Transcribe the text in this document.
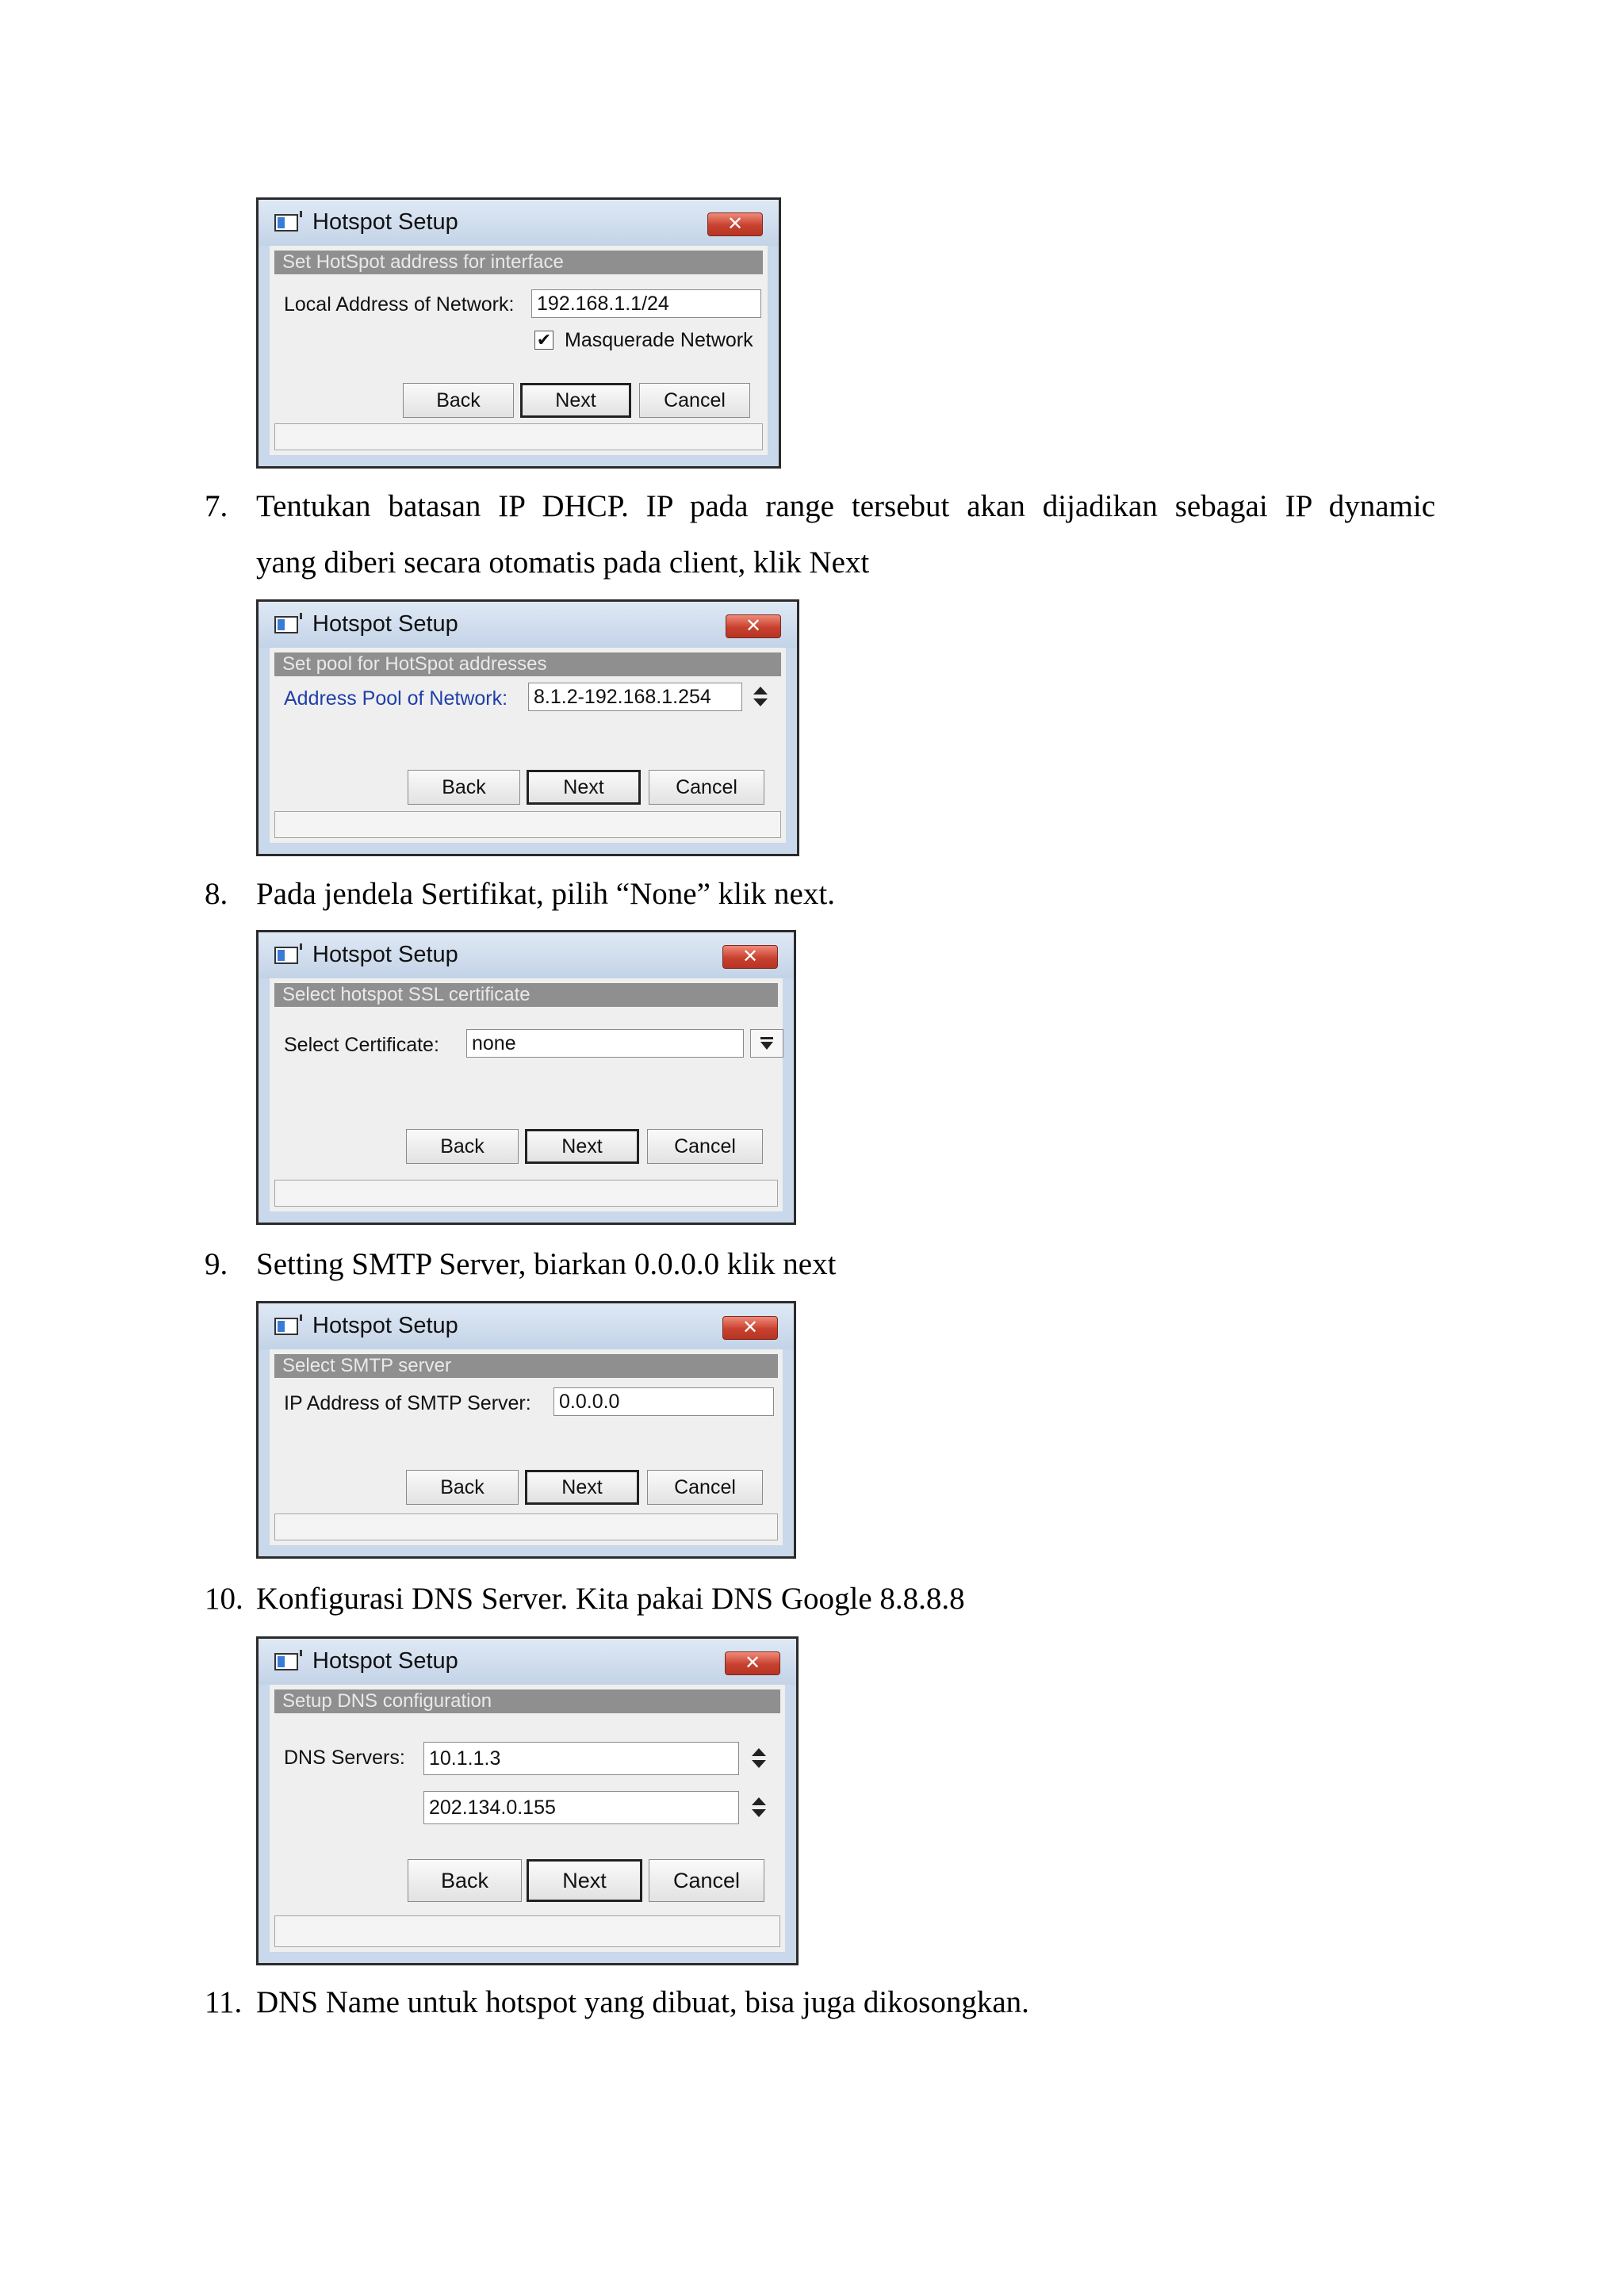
Hotspot Setup	✕
Set HotSpot address for interface
Local Address of Network: 192.168.1.1/24
✔ Masquerade Network
Back	Next	Cancel
7. Tentukan batasan IP DHCP. IP pada range tersebut akan dijadikan sebagai IP dynamic
yang diberi secara otomatis pada client, klik Next
Hotspot Setup	✕
Set pool for HotSpot addresses
Address Pool of Network: 8.1.2-192.168.1.254
Back	Next	Cancel
8. Pada jendela Sertifikat, pilih “None” klik next.
Hotspot Setup	✕
Select hotspot SSL certificate
Select Certificate: none
Back	Next	Cancel
9. Setting SMTP Server, biarkan 0.0.0.0 klik next
Hotspot Setup	✕
Select SMTP server
IP Address of SMTP Server: 0.0.0.0
Back	Next	Cancel
10. Konfigurasi DNS Server. Kita pakai DNS Google 8.8.8.8
Hotspot Setup	✕
Setup DNS configuration
DNS Servers: 10.1.1.3
202.134.0.155
Back	Next	Cancel
11. DNS Name untuk hotspot yang dibuat, bisa juga dikosongkan.
